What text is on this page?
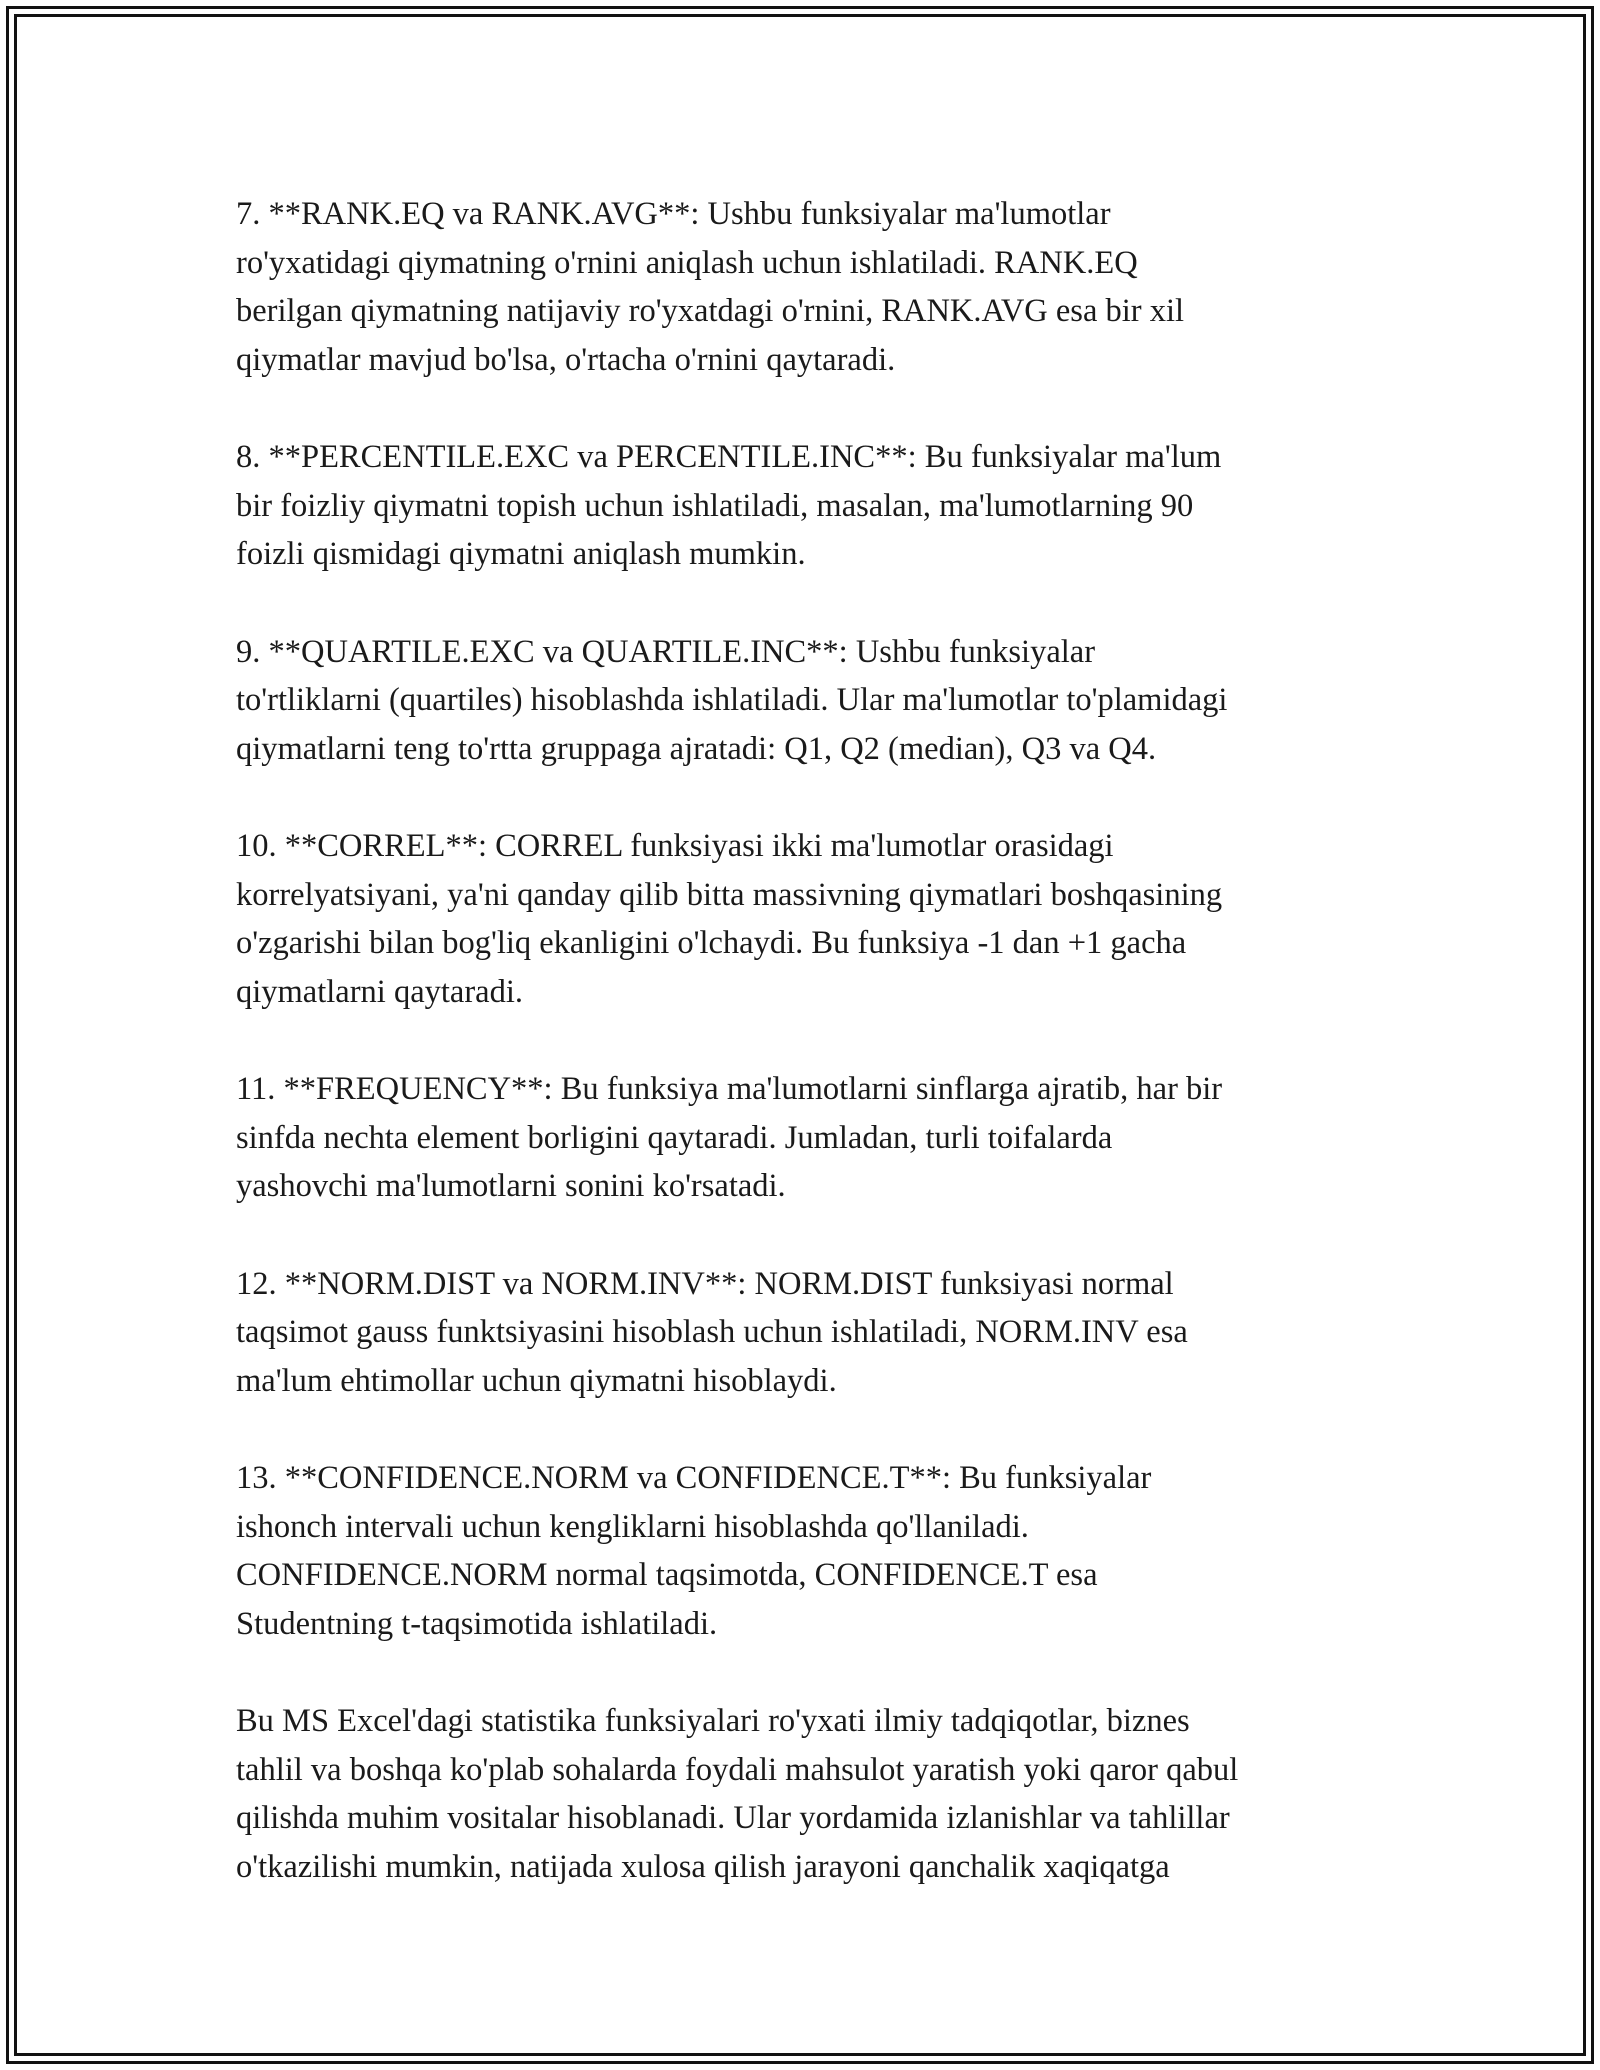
7. **RANK.EQ va RANK.AVG**: Ushbu funksiyalar ma'lumotlar
ro'yxatidagi qiymatning o'rnini aniqlash uchun ishlatiladi. RANK.EQ
berilgan qiymatning natijaviy ro'yxatdagi o'rnini, RANK.AVG esa bir xil
qiymatlar mavjud bo'lsa, o'rtacha o'rnini qaytaradi.
8. **PERCENTILE.EXC va PERCENTILE.INC**: Bu funksiyalar ma'lum
bir foizliy qiymatni topish uchun ishlatiladi, masalan, ma'lumotlarning 90
foizli qismidagi qiymatni aniqlash mumkin.
9. **QUARTILE.EXC va QUARTILE.INC**: Ushbu funksiyalar
to'rtliklarni (quartiles) hisoblashda ishlatiladi. Ular ma'lumotlar to'plamidagi
qiymatlarni teng to'rtta gruppaga ajratadi: Q1, Q2 (median), Q3 va Q4.
10. **CORREL**: CORREL funksiyasi ikki ma'lumotlar orasidagi
korrelyatsiyani, ya'ni qanday qilib bitta massivning qiymatlari boshqasining
o'zgarishi bilan bog'liq ekanligini o'lchaydi. Bu funksiya -1 dan +1 gacha
qiymatlarni qaytaradi.
11. **FREQUENCY**: Bu funksiya ma'lumotlarni sinflarga ajratib, har bir
sinfda nechta element borligini qaytaradi. Jumladan, turli toifalarda
yashovchi ma'lumotlarni sonini ko'rsatadi.
12. **NORM.DIST va NORM.INV**: NORM.DIST funksiyasi normal
taqsimot gauss funktsiyasini hisoblash uchun ishlatiladi, NORM.INV esa
ma'lum ehtimollar uchun qiymatni hisoblaydi.
13. **CONFIDENCE.NORM va CONFIDENCE.T**: Bu funksiyalar
ishonch intervali uchun kengliklarni hisoblashda qo'llaniladi.
CONFIDENCE.NORM normal taqsimotda, CONFIDENCE.T esa
Studentning t-taqsimotida ishlatiladi.
Bu MS Excel'dagi statistika funksiyalari ro'yxati ilmiy tadqiqotlar, biznes
tahlil va boshqa ko'plab sohalarda foydali mahsulot yaratish yoki qaror qabul
qilishda muhim vositalar hisoblanadi. Ular yordamida izlanishlar va tahlillar
o'tkazilishi mumkin, natijada xulosa qilish jarayoni qanchalik xaqiqatga
